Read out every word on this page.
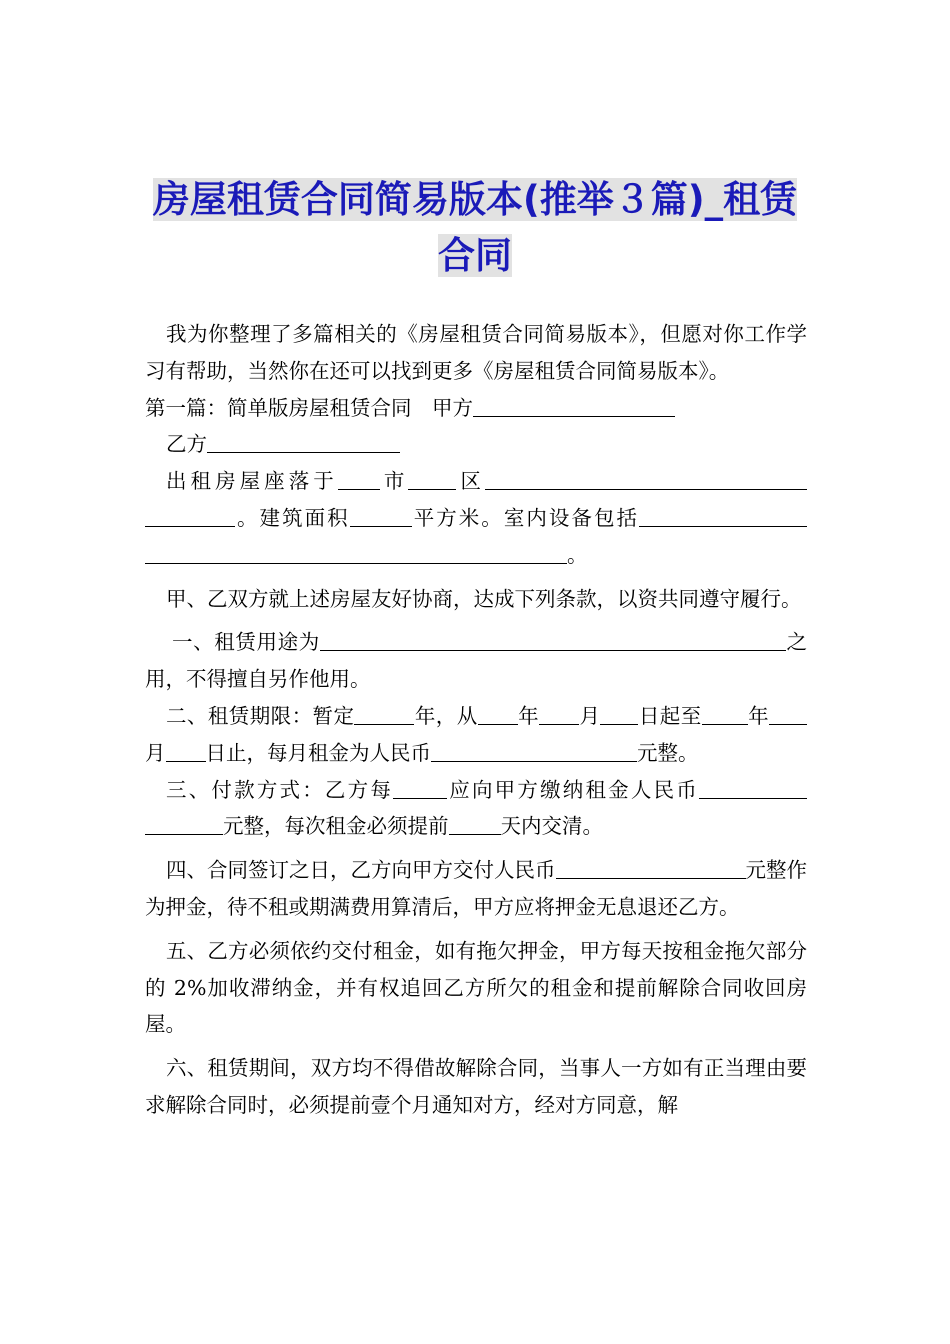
房屋租赁合同简易版本(推举３篇)_租赁合同

我为你整理了多篇相关的《房屋租赁合同简易版本》，但愿对你工作学习有帮助，当然你在还可以找到更多《房屋租赁合同简易版本》。

第一篇：简单版房屋租赁合同　甲方

乙方

出租房屋座落于 市 区。建筑面积	平方米。室内设备包括。

甲、乙双方就上述房屋友好协商，达成下列条款，以资共同遵守履行。

一、租赁用途为	之用，不得擅自另作他用。

二、租赁期限：暂定	年，从 年 月 日起至 年月 日止，每月租金为人民币	元整。

三、付款方式：乙方每	应向甲方缴纳租金人民币元整，每次租金必须提前	天内交清。

四、合同签订之日，乙方向甲方交付人民币	元整作为押金，待不租或期满费用算清后，甲方应将押金无息退还乙方。

五、乙方必须依约交付租金，如有拖欠押金，甲方每天按租金拖欠部分的 2%加收滞纳金，并有权追回乙方所欠的租金和提前解除合同收回房屋。

六、租赁期间，双方均不得借故解除合同，当事人一方如有正当理由要求解除合同时，必须提前壹个月通知对方，经对方同意，解
